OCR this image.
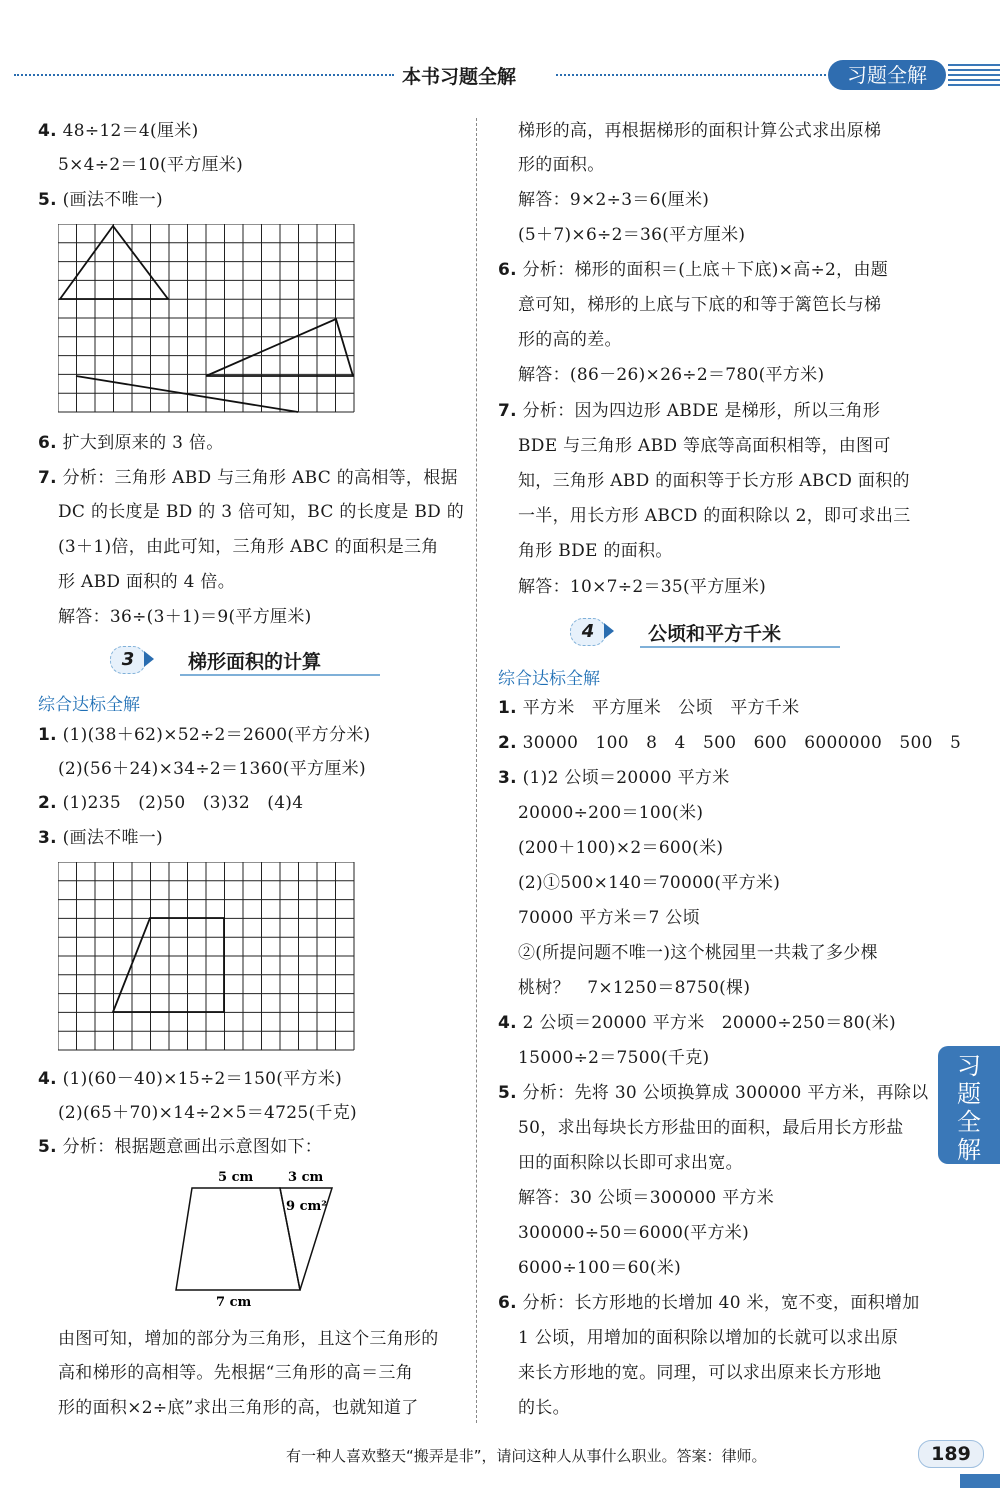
本书习题全解	习题全解
4. 48÷12＝4(厘米)
5×4÷2＝10(平方厘米)
5. (画法不唯一)
6. 扩大到原来的 3 倍。
7. 分析：三角形 ABD 与三角形 ABC 的高相等，根据
DC 的长度是 BD 的 3 倍可知，BC 的长度是 BD 的
(3＋1)倍，由此可知，三角形 ABC 的面积是三角
形 ABD 面积的 4 倍。
解答：36÷(3＋1)＝9(平方厘米)
3	梯形面积的计算
综合达标全解
1. (1)(38＋62)×52÷2＝2600(平方分米)
(2)(56＋24)×34÷2＝1360(平方厘米)
2. (1)235　(2)50　(3)32　(4)4
3. (画法不唯一)
4. (1)(60－40)×15÷2＝150(平方米)
(2)(65＋70)×14÷2×5＝4725(千克)
5. 分析：根据题意画出示意图如下：
5 cm	3 cm
9 cm²
7 cm
由图可知，增加的部分为三角形，且这个三角形的
高和梯形的高相等。先根据“三角形的高＝三角
形的面积×2÷底”求出三角形的高，也就知道了
梯形的高，再根据梯形的面积计算公式求出原梯
形的面积。
解答：9×2÷3＝6(厘米)
(5＋7)×6÷2＝36(平方厘米)
6. 分析：梯形的面积＝(上底＋下底)×高÷2，由题
意可知，梯形的上底与下底的和等于篱笆长与梯
形的高的差。
解答：(86－26)×26÷2＝780(平方米)
7. 分析：因为四边形 ABDE 是梯形，所以三角形
BDE 与三角形 ABD 等底等高面积相等，由图可
知，三角形 ABD 的面积等于长方形 ABCD 面积的
一半，用长方形 ABCD 的面积除以 2，即可求出三
角形 BDE 的面积。
解答：10×7÷2＝35(平方厘米)
4	公顷和平方千米
综合达标全解
1. 平方米　平方厘米　公顷　平方千米
2. 30000　100　8　4　500　600　6000000　500　5
3. (1)2 公顷＝20000 平方米
20000÷200＝100(米)
(200＋100)×2＝600(米)
(2)①500×140＝70000(平方米)
70000 平方米＝7 公顷
②(所提问题不唯一)这个桃园里一共栽了多少棵
桃树？　7×1250＝8750(棵)
4. 2 公顷＝20000 平方米　20000÷250＝80(米)
15000÷2＝7500(千克)
5. 分析：先将 30 公顷换算成 300000 平方米，再除以
50，求出每块长方形盐田的面积，最后用长方形盐
田的面积除以长即可求出宽。
解答：30 公顷＝300000 平方米
300000÷50＝6000(平方米)
6000÷100＝60(米)
6. 分析：长方形地的长增加 40 米，宽不变，面积增加
1 公顷，用增加的面积除以增加的长就可以求出原
来长方形地的宽。同理，可以求出原来长方形地
的长。
习题全解
有一种人喜欢整天“搬弄是非”，请问这种人从事什么职业。答案：律师。	189
